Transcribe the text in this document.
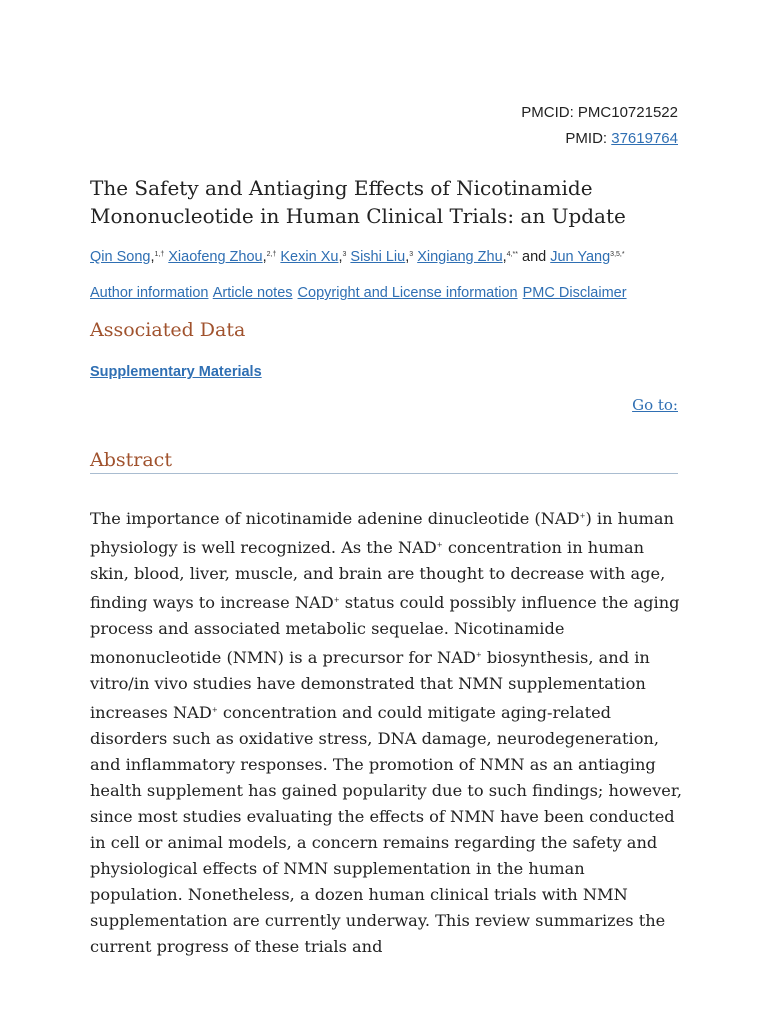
PMCID: PMC10721522
PMID: 37619764
The Safety and Antiaging Effects of Nicotinamide Mononucleotide in Human Clinical Trials: an Update
Qin Song,$^{1,\dagger}$ Xiaofeng Zhou,$^{2,\dagger}$ Kexin Xu,$^3$ Sishi Liu,$^3$ Xingiang Zhu,$^{4,**}$ and Jun Yang$^{3,5,*}$
Author information Article notes Copyright and License information PMC Disclaimer
Associated Data
Supplementary Materials
Go to:
Abstract

The importance of nicotinamide adenine dinucleotide (NAD+) in human physiology is well recognized. As the NAD+ concentration in human skin, blood, liver, muscle, and brain are thought to decrease with age, finding ways to increase NAD+ status could possibly influence the aging process and associated metabolic sequelae. Nicotinamide mononucleotide (NMN) is a precursor for NAD+ biosynthesis, and in vitro/in vivo studies have demonstrated that NMN supplementation increases NAD+ concentration and could mitigate aging-related disorders such as oxidative stress, DNA damage, neurodegeneration, and inflammatory responses. The promotion of NMN as an antiaging health supplement has gained popularity due to such findings; however, since most studies evaluating the effects of NMN have been conducted in cell or animal models, a concern remains regarding the safety and physiological effects of NMN supplementation in the human population. Nonetheless, a dozen human clinical trials with NMN supplementation are currently underway. This review summarizes the current progress of these trials and
